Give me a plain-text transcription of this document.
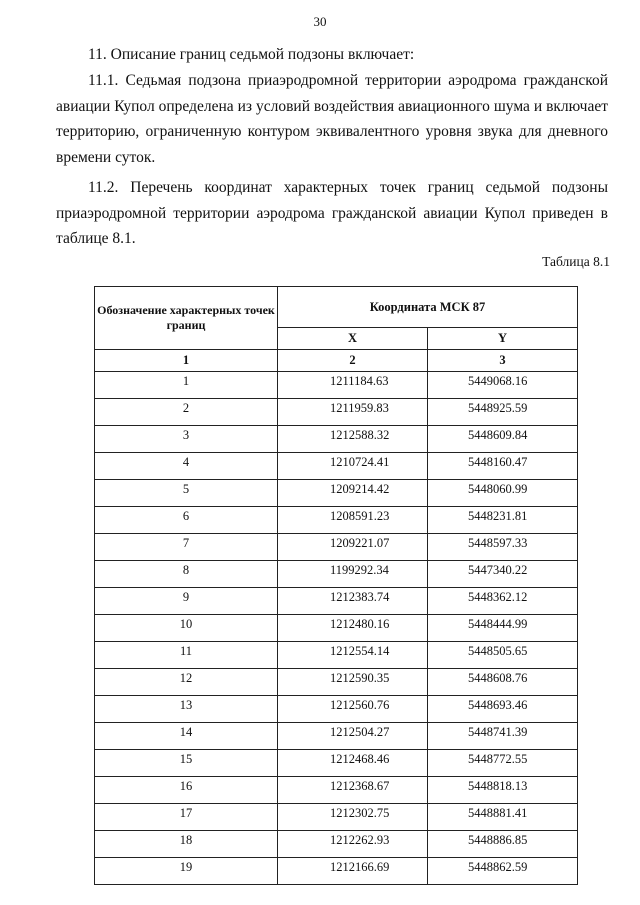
30
11. Описание границ седьмой подзоны включает:
11.1. Седьмая подзона приаэродромной территории аэродрома гражданской авиации Купол определена из условий воздействия авиационного шума и включает территорию, ограниченную контуром эквивалентного уровня звука для дневного времени суток.
11.2. Перечень координат характерных точек границ седьмой подзоны приаэродромной территории аэродрома гражданской авиации Купол приведен в таблице 8.1.
Таблица 8.1
Обозначение характерных точек границ	Координата МСК 87	
	X	Y
1	2	3
1	1211184.63	5449068.16
2	1211959.83	5448925.59
3	1212588.32	5448609.84
4	1210724.41	5448160.47
5	1209214.42	5448060.99
6	1208591.23	5448231.81
7	1209221.07	5448597.33
8	1199292.34	5447340.22
9	1212383.74	5448362.12
10	1212480.16	5448444.99
11	1212554.14	5448505.65
12	1212590.35	5448608.76
13	1212560.76	5448693.46
14	1212504.27	5448741.39
15	1212468.46	5448772.55
16	1212368.67	5448818.13
17	1212302.75	5448881.41
18	1212262.93	5448886.85
19	1212166.69	5448862.59
